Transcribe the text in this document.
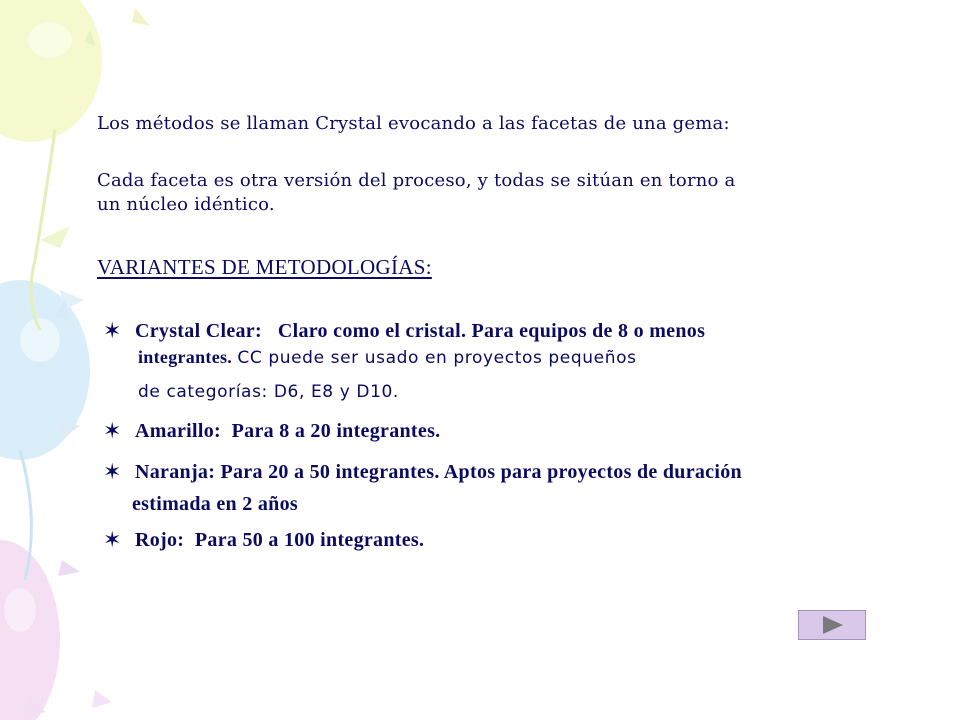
Los métodos se llaman Crystal evocando a las facetas de una gema:
Cada faceta es otra versión del proceso, y todas se sitúan en torno a
un núcleo idéntico.
VARIANTES DE METODOLOGÍAS:
✶ Crystal Clear: Claro como el cristal. Para equipos de 8 o menos
integrantes. CC puede ser usado en proyectos pequeños
de categorías: D6, E8 y D10.
✶ Amarillo: Para 8 a 20 integrantes.
✶ Naranja: Para 20 a 50 integrantes. Aptos para proyectos de duración
estimada en 2 años
✶ Rojo: Para 50 a 100 integrantes.
